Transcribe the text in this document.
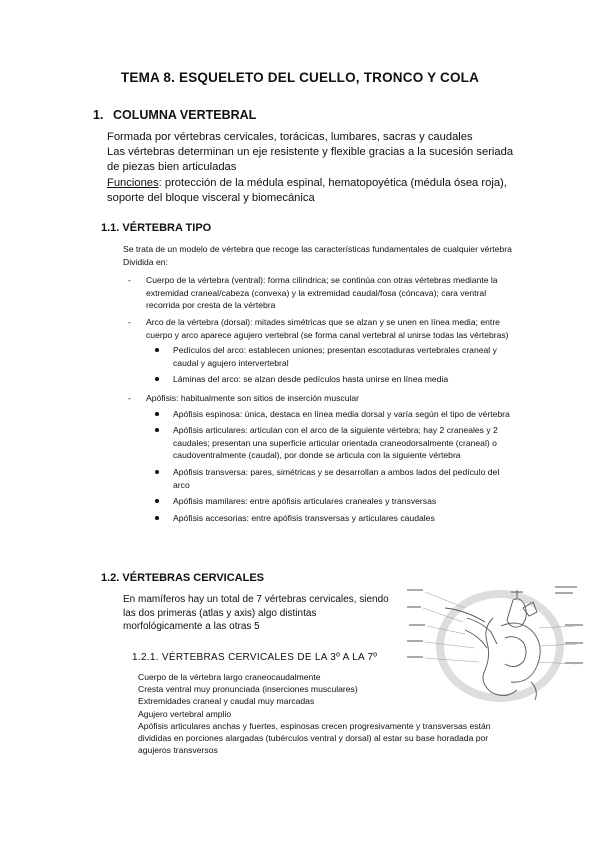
TEMA 8. ESQUELETO DEL CUELLO, TRONCO Y COLA
1. COLUMNA VERTEBRAL

Formada por vértebras cervicales, torácicas, lumbares, sacras y caudales

Las vértebras determinan un eje resistente y flexible gracias a la sucesión seriada de piezas bien articuladas

Funciones: protección de la médula espinal, hematopoyética (médula ósea roja), soporte del bloque visceral y biomecánica

1.1. VÉRTEBRA TIPO
Se trata de un modelo de vértebra que recoge las características fundamentales de cualquier vértebra
Dividida en:
- Cuerpo de la vértebra (ventral): forma cilíndrica; se continúa con otras vértebras mediante la extremidad craneal/cabeza (convexa) y la extremidad caudal/fosa (cóncava); cara ventral recorrida por cresta de la vértebra
- Arco de la vértebra (dorsal): mitades simétricas que se alzan y se unen en línea media; entre cuerpo y arco aparece agujero vertebral (se forma canal vertebral al unirse todas las vértebras)
Pedículos del arco: establecen uniones; presentan escotaduras vertebrales craneal y caudal y agujero intervertebral
Láminas del arco: se alzan desde pedículos hasta unirse en línea media
- Apófisis: habitualmente son sitios de inserción muscular
Apófisis espinosa: única, destaca en línea media dorsal y varía según el tipo de vértebra
Apófisis articulares: articulan con el arco de la siguiente vértebra; hay 2 craneales y 2 caudales; presentan una superficie articular orientada craneodorsalmente (craneal) o caudoventralmente (caudal), por donde se articula con la siguiente vértebra
Apófisis transversa: pares, simétricas y se desarrollan a ambos lados del pedículo del arco
Apófisis mamilares: entre apófisis articulares craneales y transversas
Apófisis accesorias: entre apófisis transversas y articulares caudales
1.2. VÉRTEBRAS CERVICALES
En mamíferos hay un total de 7 vértebras cervicales, siendo las dos primeras (atlas y axis) algo distintas morfológicamente a las otras 5
1.2.1. VÉRTEBRAS CERVICALES DE LA 3º A LA 7º

Cuerpo de la vértebra largo craneocaudalmente

Cresta ventral muy pronunciada (inserciones musculares)

Extremidades craneal y caudal muy marcadas

Agujero vertebral amplio

Apófisis articulares anchas y fuertes, espinosas crecen progresivamente y transversas están divididas en porciones alargadas (tubérculos ventral y dorsal) al estar su base horadada por agujeros transversos
